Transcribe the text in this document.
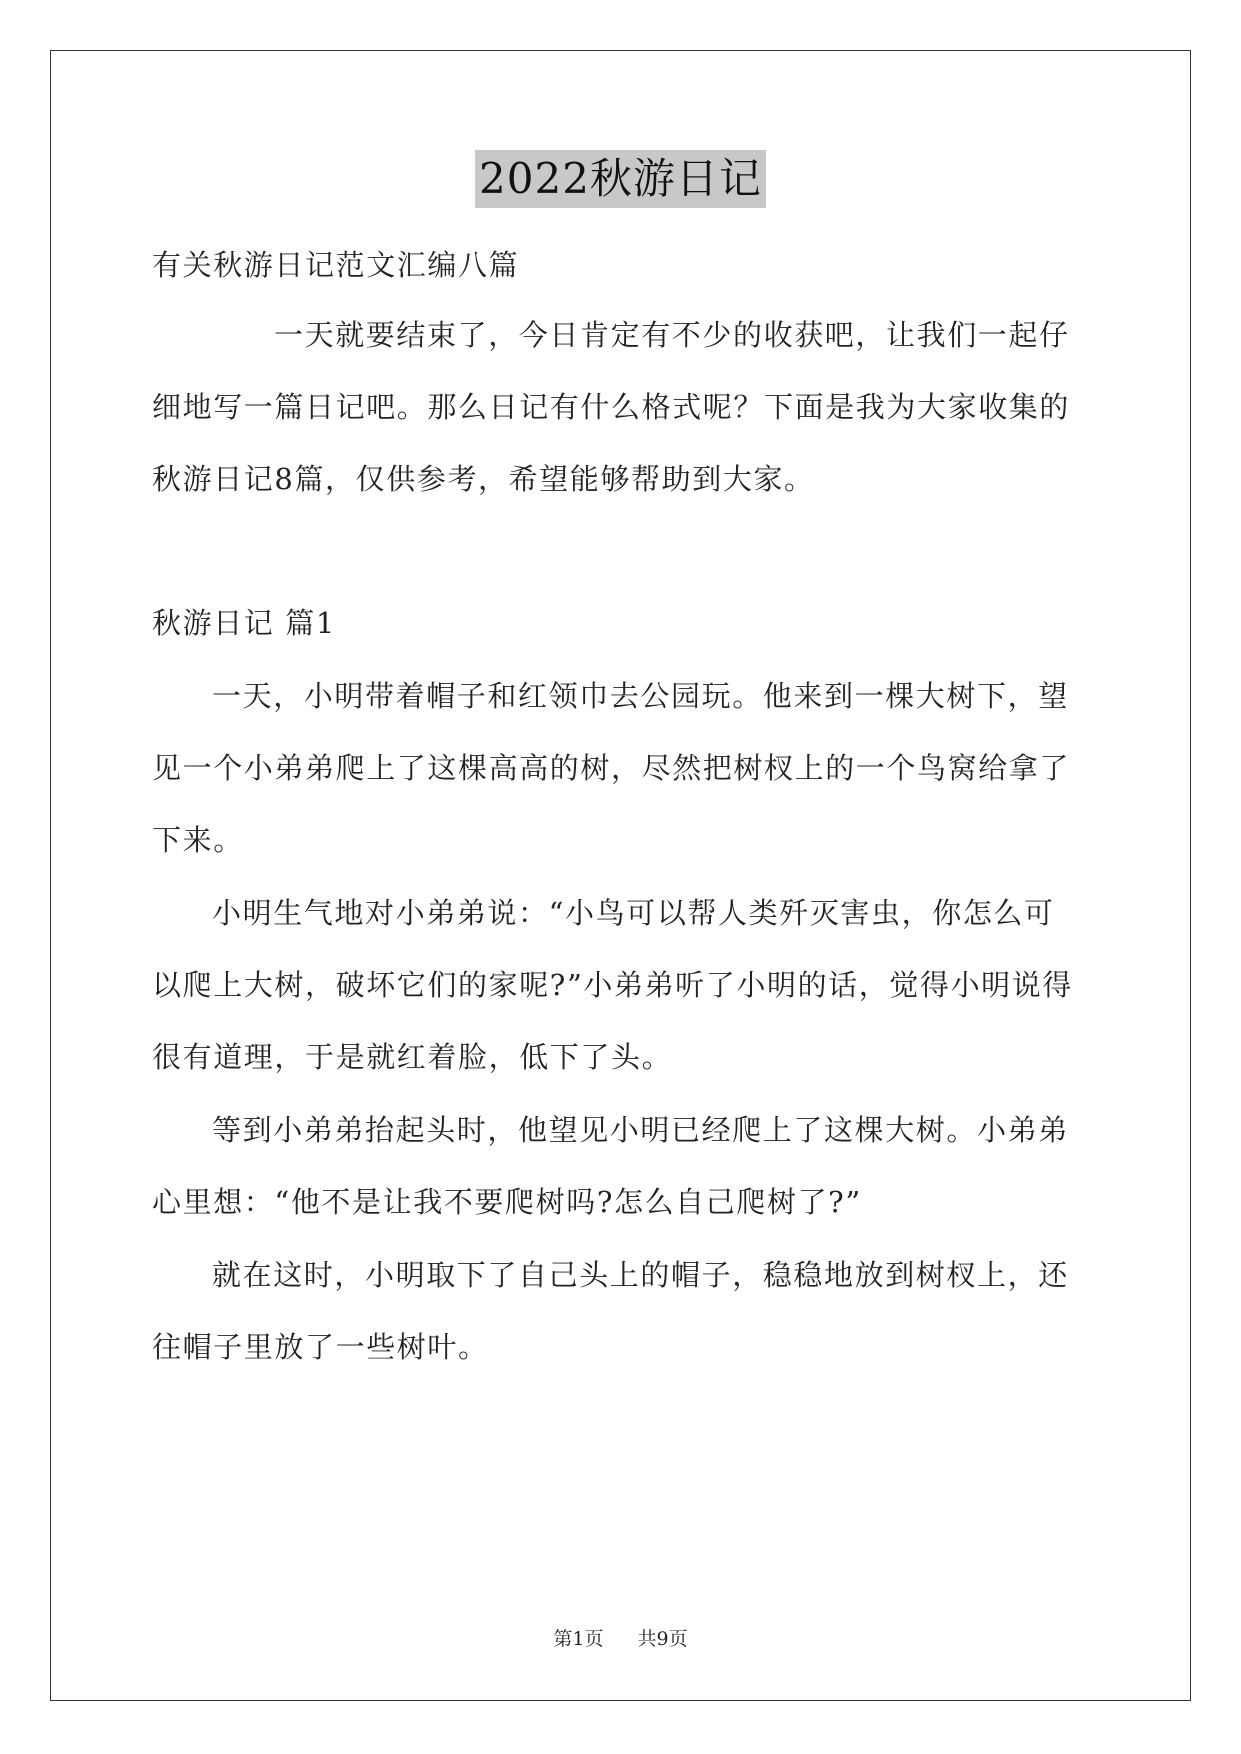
2022秋游日记
有关秋游日记范文汇编八篇
一天就要结束了，今日肯定有不少的收获吧，让我们一起仔
细地写一篇日记吧。那么日记有什么格式呢？下面是我为大家收集的
秋游日记8篇，仅供参考，希望能够帮助到大家。
秋游日记 篇1
一天，小明带着帽子和红领巾去公园玩。他来到一棵大树下，望
见一个小弟弟爬上了这棵高高的树，尽然把树杈上的一个鸟窝给拿了
下来。
小明生气地对小弟弟说：“小鸟可以帮人类歼灭害虫，你怎么可
以爬上大树，破坏它们的家呢?”小弟弟听了小明的话，觉得小明说得
很有道理，于是就红着脸，低下了头。
等到小弟弟抬起头时，他望见小明已经爬上了这棵大树。小弟弟
心里想：“他不是让我不要爬树吗?怎么自己爬树了?”
就在这时，小明取下了自己头上的帽子，稳稳地放到树杈上，还
往帽子里放了一些树叶。
第1页 共9页
